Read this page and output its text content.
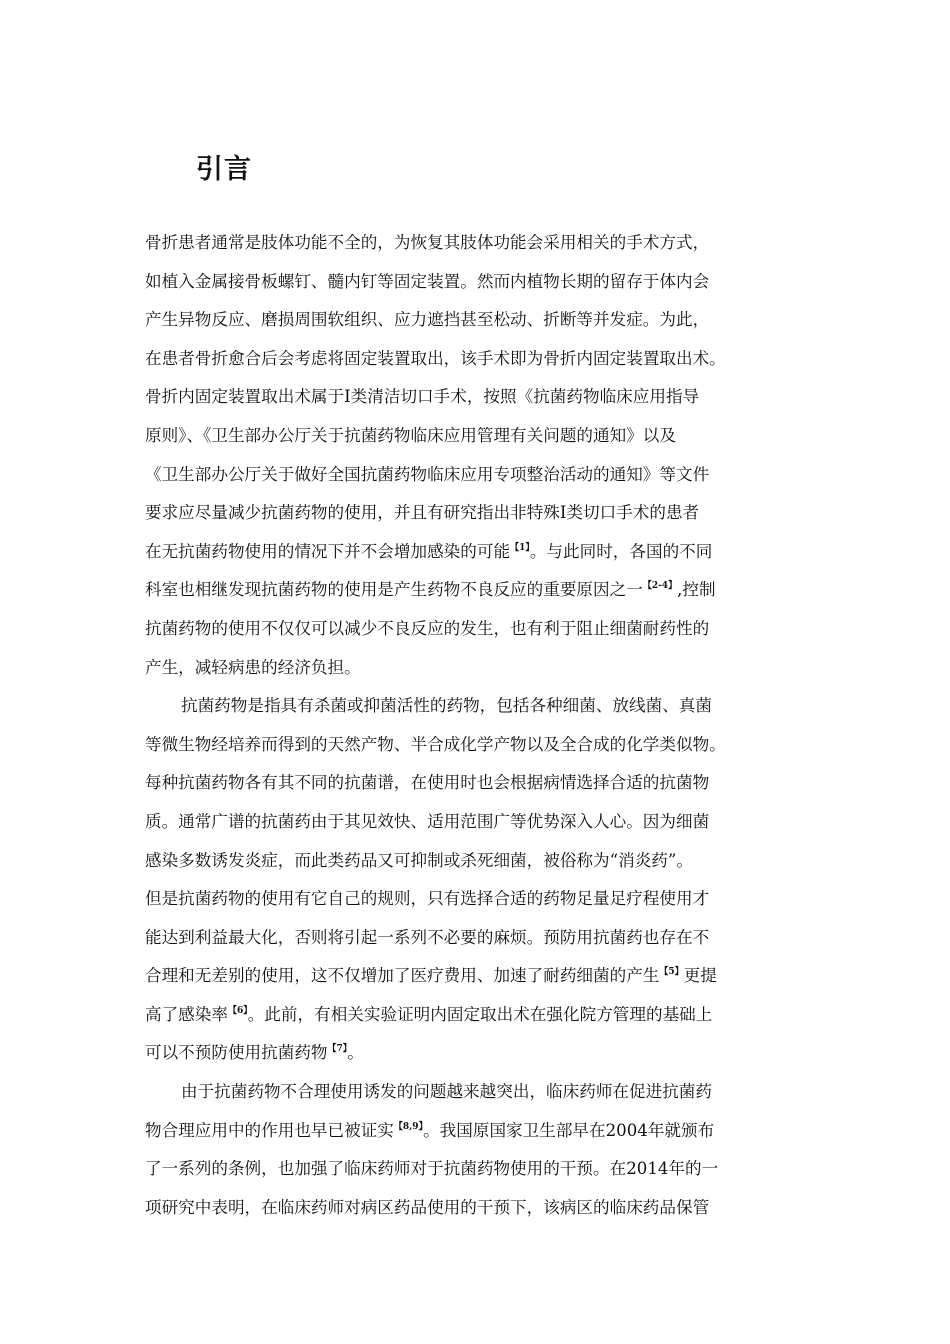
引言
骨折患者通常是肢体功能不全的，为恢复其肢体功能会采用相关的手术方式，
如植入金属接骨板螺钉、髓内钉等固定装置。然而内植物长期的留存于体内会
产生异物反应、磨损周围软组织、应力遮挡甚至松动、折断等并发症。为此，
在患者骨折愈合后会考虑将固定装置取出，该手术即为骨折内固定装置取出术。
骨折内固定装置取出术属于Ⅰ类清洁切口手术，按照《抗菌药物临床应用指导
原则》、《卫生部办公厅关于抗菌药物临床应用管理有关问题的通知》以及
《卫生部办公厅关于做好全国抗菌药物临床应用专项整治活动的通知》等文件
要求应尽量减少抗菌药物的使用，并且有研究指出非特殊Ⅰ类切口手术的患者
在无抗菌药物使用的情况下并不会增加感染的可能$^{【1】}$。与此同时，各国的不同
科室也相继发现抗菌药物的使用是产生药物不良反应的重要原因之一$^{【2-4】}$,控制
抗菌药物的使用不仅仅可以减少不良反应的发生，也有利于阻止细菌耐药性的
产生，减轻病患的经济负担。
抗菌药物是指具有杀菌或抑菌活性的药物，包括各种细菌、放线菌、真菌
等微生物经培养而得到的天然产物、半合成化学产物以及全合成的化学类似物。
每种抗菌药物各有其不同的抗菌谱，在使用时也会根据病情选择合适的抗菌物
质。通常广谱的抗菌药由于其见效快、适用范围广等优势深入人心。因为细菌
感染多数诱发炎症，而此类药品又可抑制或杀死细菌，被俗称为“消炎药”。
但是抗菌药物的使用有它自己的规则，只有选择合适的药物足量足疗程使用才
能达到利益最大化，否则将引起一系列不必要的麻烦。预防用抗菌药也存在不
合理和无差别的使用，这不仅增加了医疗费用、加速了耐药细菌的产生$^{【5】}$更提
高了感染率$^{【6】}$。此前，有相关实验证明内固定取出术在强化院方管理的基础上
可以不预防使用抗菌药物$^{【7】}$。
由于抗菌药物不合理使用诱发的问题越来越突出，临床药师在促进抗菌药
物合理应用中的作用也早已被证实$^{【8,9】}$。我国原国家卫生部早在2004年就颁布
了一系列的条例，也加强了临床药师对于抗菌药物使用的干预。在2014年的一
项研究中表明，在临床药师对病区药品使用的干预下，该病区的临床药品保管
